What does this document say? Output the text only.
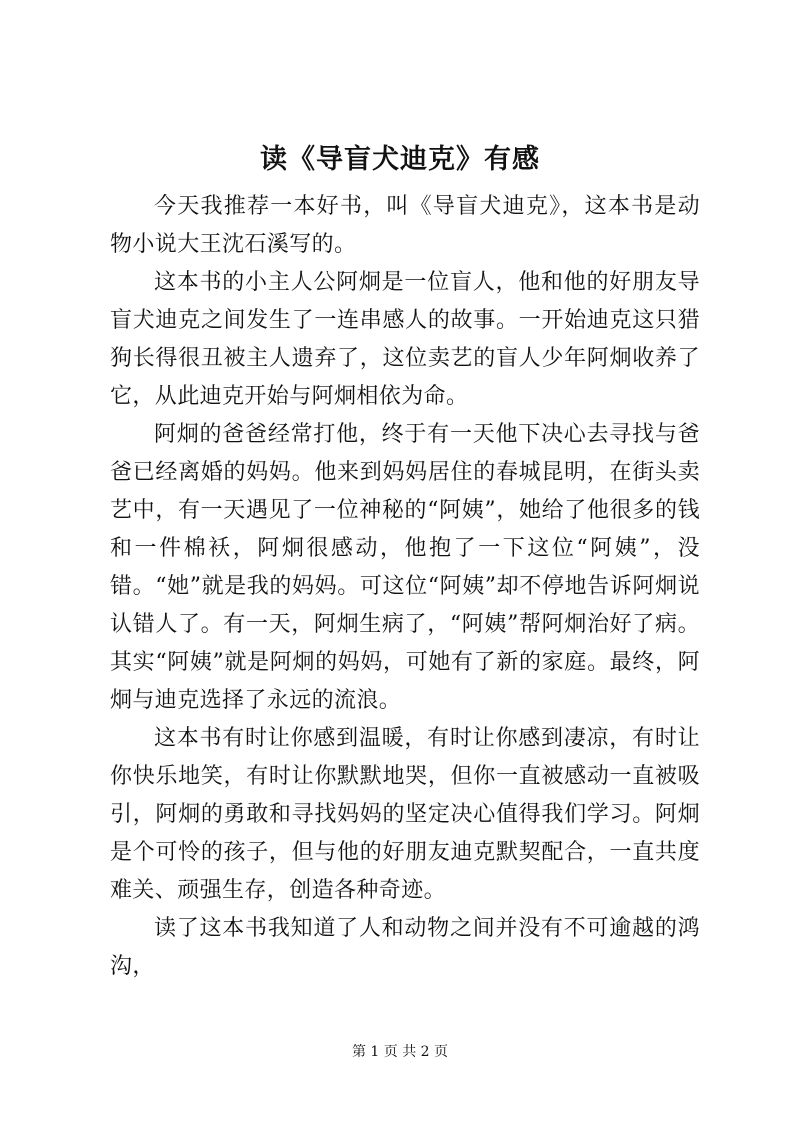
读《导盲犬迪克》有感

今天我推荐一本好书，叫《导盲犬迪克》，这本书是动物小说大王沈石溪写的。

这本书的小主人公阿炯是一位盲人，他和他的好朋友导盲犬迪克之间发生了一连串感人的故事。一开始迪克这只猎狗长得很丑被主人遗弃了，这位卖艺的盲人少年阿炯收养了它，从此迪克开始与阿炯相依为命。

阿炯的爸爸经常打他，终于有一天他下决心去寻找与爸爸已经离婚的妈妈。他来到妈妈居住的春城昆明，在街头卖艺中，有一天遇见了一位神秘的“阿姨”，她给了他很多的钱和一件棉袄，阿炯很感动，他抱了一下这位“阿姨”，没错。“她”就是我的妈妈。可这位“阿姨”却不停地告诉阿炯说认错人了。有一天，阿炯生病了，“阿姨”帮阿炯治好了病。其实“阿姨”就是阿炯的妈妈，可她有了新的家庭。最终，阿炯与迪克选择了永远的流浪。

这本书有时让你感到温暖，有时让你感到凄凉，有时让你快乐地笑，有时让你默默地哭，但你一直被感动一直被吸引，阿炯的勇敢和寻找妈妈的坚定决心值得我们学习。阿炯是个可怜的孩子，但与他的好朋友迪克默契配合，一直共度难关、顽强生存，创造各种奇迹。

读了这本书我知道了人和动物之间并没有不可逾越的鸿沟，

第 1 页 共 2 页
